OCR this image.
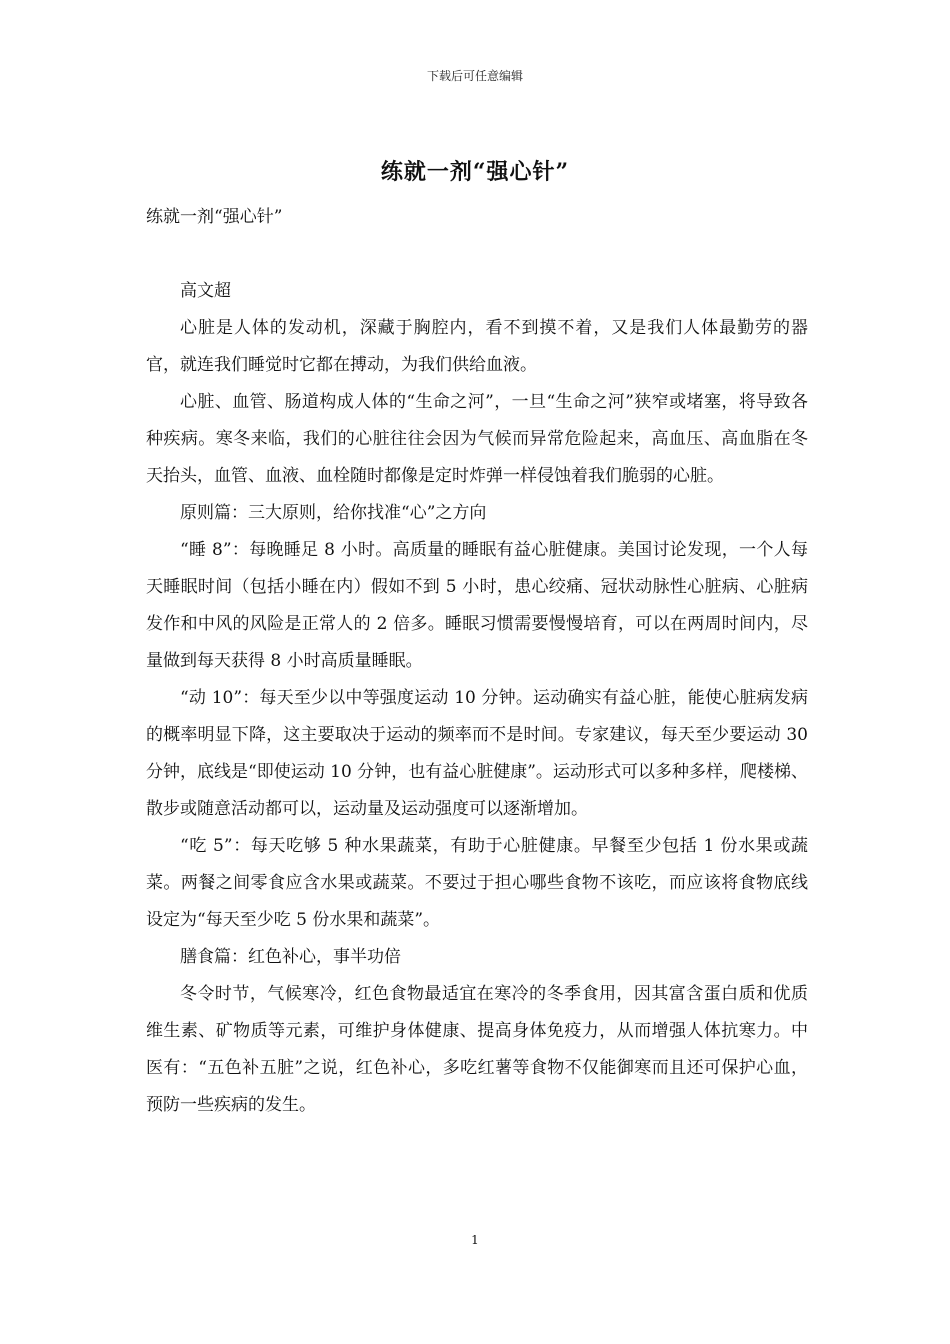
下载后可任意编辑
练就一剂“强心针”

练就一剂“强心针”

高文超

心脏是人体的发动机，深藏于胸腔内，看不到摸不着，又是我们人体最勤劳的器官，就连我们睡觉时它都在搏动，为我们供给血液。

心脏、血管、肠道构成人体的“生命之河”，一旦“生命之河”狭窄或堵塞，将导致各种疾病。寒冬来临，我们的心脏往往会因为气候而异常危险起来，高血压、高血脂在冬天抬头，血管、血液、血栓随时都像是定时炸弹一样侵蚀着我们脆弱的心脏。

原则篇：三大原则，给你找准“心”之方向

“睡 8”：每晚睡足 8 小时。高质量的睡眠有益心脏健康。美国讨论发现，一个人每天睡眠时间（包括小睡在内）假如不到 5 小时，患心绞痛、冠状动脉性心脏病、心脏病发作和中风的风险是正常人的 2 倍多。睡眠习惯需要慢慢培育，可以在两周时间内，尽量做到每天获得 8 小时高质量睡眠。

“动 10”：每天至少以中等强度运动 10 分钟。运动确实有益心脏，能使心脏病发病的概率明显下降，这主要取决于运动的频率而不是时间。专家建议，每天至少要运动 30 分钟，底线是“即使运动 10 分钟，也有益心脏健康”。运动形式可以多种多样，爬楼梯、散步或随意活动都可以，运动量及运动强度可以逐渐增加。

“吃 5”：每天吃够 5 种水果蔬菜，有助于心脏健康。早餐至少包括 1 份水果或蔬菜。两餐之间零食应含水果或蔬菜。不要过于担心哪些食物不该吃，而应该将食物底线设定为“每天至少吃 5 份水果和蔬菜”。

膳食篇：红色补心，事半功倍

冬令时节，气候寒冷，红色食物最适宜在寒冷的冬季食用，因其富含蛋白质和优质维生素、矿物质等元素，可维护身体健康、提高身体免疫力，从而增强人体抗寒力。中医有：“五色补五脏”之说，红色补心，多吃红薯等食物不仅能御寒而且还可保护心血，预防一些疾病的发生。

1
